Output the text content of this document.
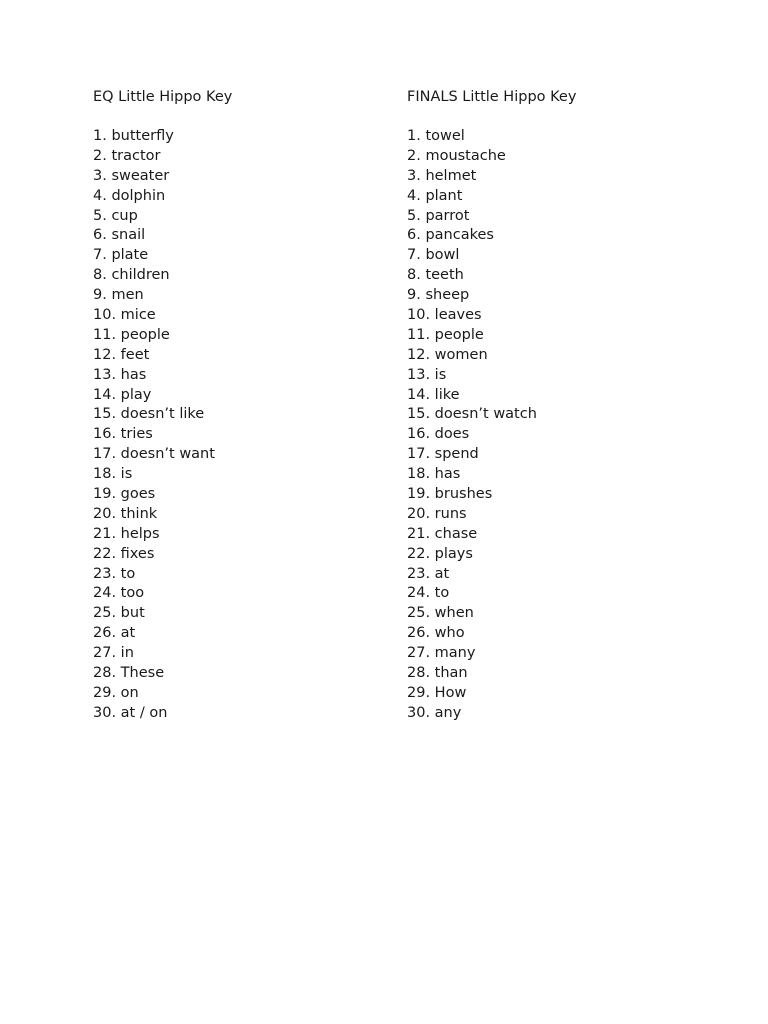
EQ Little Hippo Key
1. butterfly
2. tractor
3. sweater
4. dolphin
5. cup
6. snail
7. plate
8. children
9. men
10. mice
11. people
12. feet
13. has
14. play
15. doesn’t like
16. tries
17. doesn’t want
18. is
19. goes
20. think
21. helps
22. fixes
23. to
24. too
25. but
26. at
27. in
28. These
29. on
30. at / on
FINALS Little Hippo Key
1. towel
2. moustache
3. helmet
4. plant
5. parrot
6. pancakes
7. bowl
8. teeth
9. sheep
10. leaves
11. people
12. women
13. is
14. like
15. doesn’t watch
16. does
17. spend
18. has
19. brushes
20. runs
21. chase
22. plays
23. at
24. to
25. when
26. who
27. many
28. than
29. How
30. any
